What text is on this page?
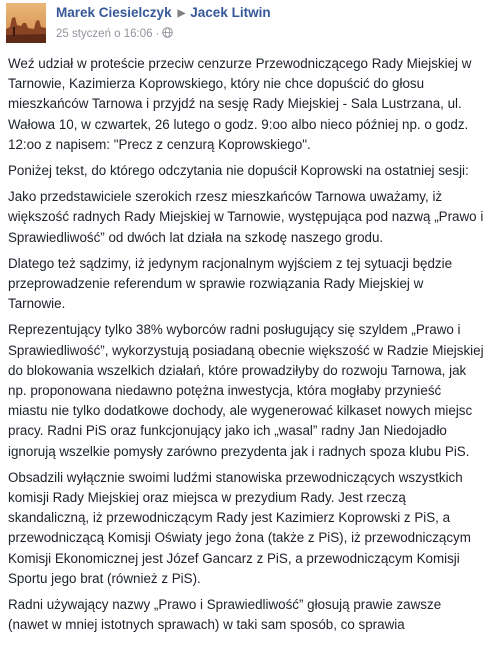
Marek Ciesielczyk ▶ Jacek Litwin
25 styczeń o 16:06 ·

Weź udział w proteście przeciw cenzurze Przewodniczącego Rady Miejskiej w Tarnowie, Kazimierza Koprowskiego, który nie chce dopuścić do głosu mieszkańców Tarnowa i przyjdź na sesję Rady Miejskiej - Sala Lustrzana, ul. Wałowa 10, w czwartek, 26 lutego o godz. 9:oo albo nieco później np. o godz. 12:oo z napisem: "Precz z cenzurą Koprowskiego".

Poniżej tekst, do którego odczytania nie dopuścił Koprowski na ostatniej sesji:

Jako przedstawiciele szerokich rzesz mieszkańców Tarnowa uważamy, iż większość radnych Rady Miejskiej w Tarnowie, występująca pod nazwą „Prawo i Sprawiedliwość” od dwóch lat działa na szkodę naszego grodu.

Dlatego też sądzimy, iż jedynym racjonalnym wyjściem z tej sytuacji będzie przeprowadzenie referendum w sprawie rozwiązania Rady Miejskiej w Tarnowie.

Reprezentujący tylko 38% wyborców radni posługujący się szyldem „Prawo i Sprawiedliwość”, wykorzystują posiadaną obecnie większość w Radzie Miejskiej do blokowania wszelkich działań, które prowadziłyby do rozwoju Tarnowa, jak np. proponowana niedawno potężna inwestycja, która mogłaby przynieść miastu nie tylko dodatkowe dochody, ale wygenerować kilkaset nowych miejsc pracy. Radni PiS oraz funkcjonujący jako ich „wasal” radny Jan Niedojadło ignorują wszelkie pomysły zarówno prezydenta jak i radnych spoza klubu PiS.

Obsadzili wyłącznie swoimi ludźmi stanowiska przewodniczących wszystkich komisji Rady Miejskiej oraz miejsca w prezydium Rady. Jest rzeczą skandaliczną, iż przewodniczącym Rady jest Kazimierz Koprowski z PiS, a przewodniczącą Komisji Oświaty jego żona (także z PiS), iż przewodniczącym Komisji Ekonomicznej jest Józef Gancarz z PiS, a przewodniczącym Komisji Sportu jego brat (również z PiS).

Radni używający nazwy „Prawo i Sprawiedliwość” głosują prawie zawsze (nawet w mniej istotnych sprawach) w taki sam sposób, co sprawia
